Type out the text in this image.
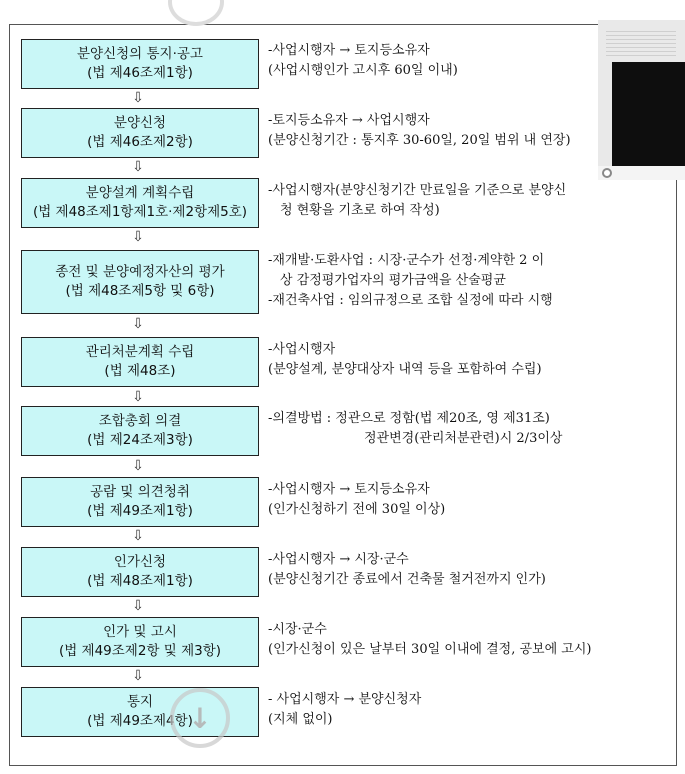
분양신청의 통지·공고
(법 제46조제1항)
⇩
분양신청
(법 제46조제2항)
⇩
분양설계 계획수립
(법 제48조제1항제1호·제2항제5호)
⇩
종전 및 분양예정자산의 평가
(법 제48조제5항 및 6항)
⇩
관리처분계획 수립
(법 제48조)
⇩
조합총회 의결
(법 제24조제3항)
⇩
공람 및 의견청취
(법 제49조제1항)
⇩
인가신청
(법 제48조제1항)
⇩
인가 및 고시
(법 제49조제2항 및 제3항)
⇩
통지
(법 제49조제4항)
-사업시행자 → 토지등소유자
(사업시행인가 고시후 60일 이내)
-토지등소유자 → 사업시행자
(분양신청기간 : 통지후 30-60일, 20일 범위 내 연장)
-사업시행자(분양신청기간 만료일을 기준으로 분양신
청 현황을 기초로 하여 작성)
-재개발·도환사업 : 시장·군수가 선정·계약한 2 이
상 감정평가업자의 평가금액을 산술평균
-재건축사업 : 임의규정으로 조합 실정에 따라 시행
-사업시행자
(분양설계, 분양대상자 내역 등을 포함하여 수립)
-의결방법 : 정관으로 정함(법 제20조, 영 제31조)
정관변경(관리처분관련)시 2/3이상
-사업시행자 → 토지등소유자
(인가신청하기 전에 30일 이상)
-사업시행자 → 시장·군수
(분양신청기간 종료에서 건축물 철거전까지 인가)
-시장·군수
(인가신청이 있은 날부터 30일 이내에 결정, 공보에 고시)
- 사업시행자 → 분양신청자
(지체 없이)
↓
